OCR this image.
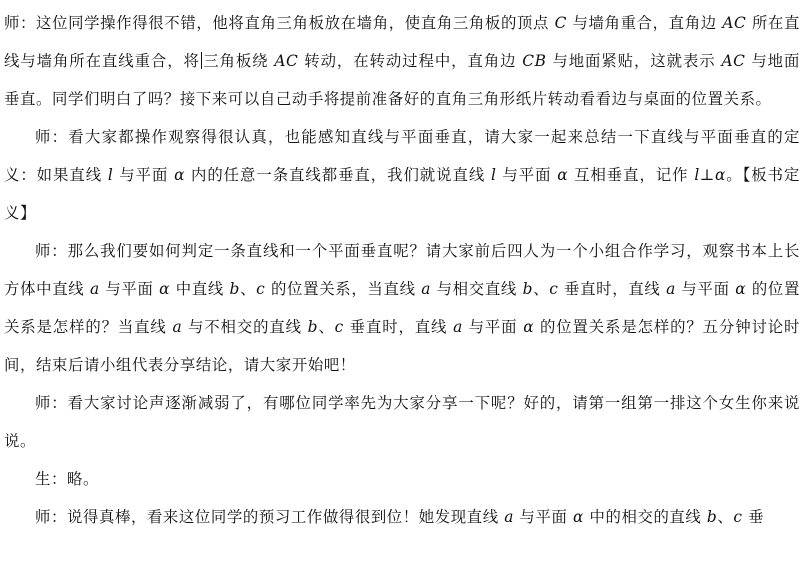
师：这位同学操作得很不错，他将直角三角板放在墙角，使直角三角板的顶点 C 与墙角重合，直角边 AC 所在直线与墙角所在直线重合，将 三角板绕 AC 转动，在转动过程中，直角边 CB 与地面紧贴，这就表示 AC 与地面垂直。同学们明白了吗？接下来可以自己动手将提前准备好的直角三角形纸片转动看看边与桌面的位置关系。

师：看大家都操作观察得很认真，也能感知直线与平面垂直，请大家一起来总结一下直线与平面垂直的定义：如果直线 l 与平面 α 内的任意一条直线都垂直，我们就说直线 l 与平面 α 互相垂直，记作 l⊥α。【板书定义】

师：那么我们要如何判定一条直线和一个平面垂直呢？请大家前后四人为一个小组合作学习，观察书本上长方体中直线 a 与平面 α 中直线 b、c 的位置关系，当直线 a 与相交直线 b、c 垂直时，直线 a 与平面 α 的位置关系是怎样的？当直线 a 与不相交的直线 b、c 垂直时，直线 a 与平面 α 的位置关系是怎样的？五分钟讨论时间，结束后请小组代表分享结论，请大家开始吧！

师：看大家讨论声逐渐减弱了，有哪位同学率先为大家分享一下呢？好的，请第一组第一排这个女生你来说说。

生：略。

师：说得真棒，看来这位同学的预习工作做得很到位！她发现直线 a 与平面 α 中的相交的直线 b、c 垂
